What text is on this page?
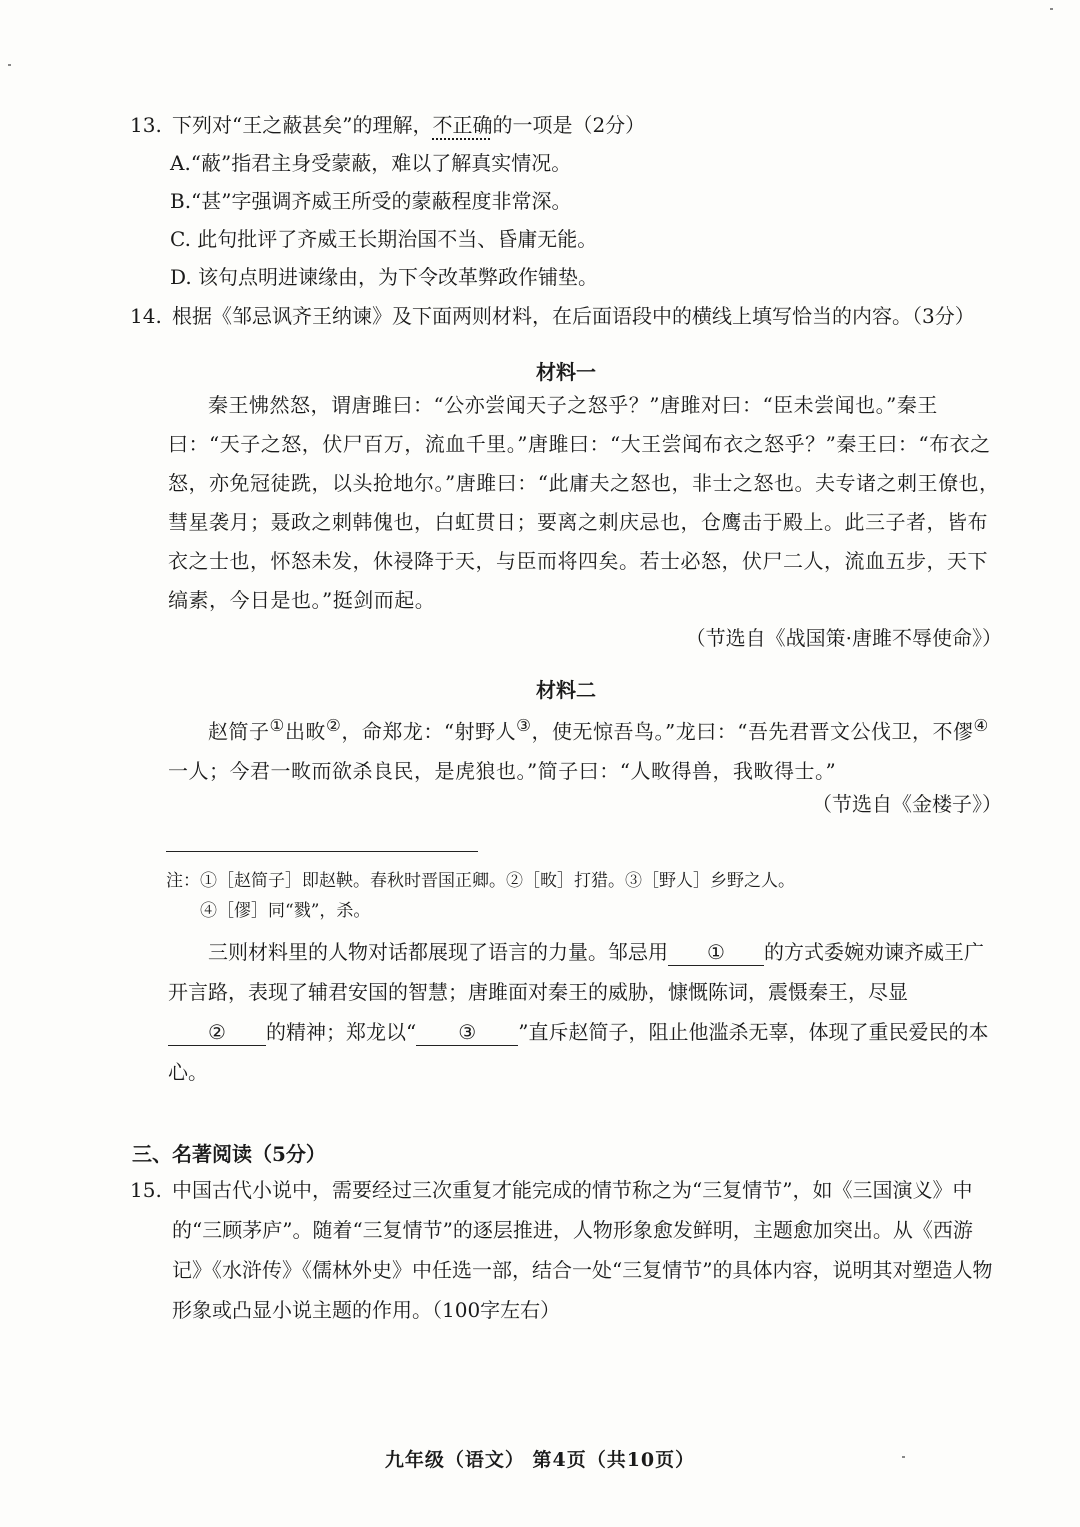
13. 下列对“王之蔽甚矣”的理解，不正确的一项是（2分）
A.“蔽”指君主身受蒙蔽，难以了解真实情况。
B.“甚”字强调齐威王所受的蒙蔽程度非常深。
C. 此句批评了齐威王长期治国不当、昏庸无能。
D. 该句点明进谏缘由，为下令改革弊政作铺垫。
14. 根据《邹忌讽齐王纳谏》及下面两则材料，在后面语段中的横线上填写恰当的内容。（3分）
材料一
秦王怫然怒，谓唐雎曰：“公亦尝闻天子之怒乎？”唐雎对曰：“臣未尝闻也。”秦王曰：“天子之怒，伏尸百万，流血千里。”唐雎曰：“大王尝闻布衣之怒乎？”秦王曰：“布衣之怒，亦免冠徒跣，以头抢地尔。”唐雎曰：“此庸夫之怒也，非士之怒也。夫专诸之刺王僚也，彗星袭月；聂政之刺韩傀也，白虹贯日；要离之刺庆忌也，仓鹰击于殿上。此三子者，皆布衣之士也，怀怒未发，休祲降于天，与臣而将四矣。若士必怒，伏尸二人，流血五步，天下缟素，今日是也。”挺剑而起。
（节选自《战国策·唐雎不辱使命》）
材料二
赵简子①出畋②，命郑龙：“射野人③，使无惊吾鸟。”龙曰：“吾先君晋文公伐卫，不僇④一人；今君一畋而欲杀良民，是虎狼也。”简子曰：“人畋得兽，我畋得士。”
（节选自《金楼子》）
注：①［赵简子］即赵鞅。春秋时晋国正卿。②［畋］打猎。③［野人］乡野之人。
④［僇］同“戮”，杀。
三则材料里的人物对话都展现了语言的力量。邹忌用 ① 的方式委婉劝谏齐威王广开言路，表现了辅君安国的智慧；唐雎面对秦王的威胁，慷慨陈词，震慑秦王，尽显② 的精神；郑龙以“ ③ ”直斥赵简子，阻止他滥杀无辜，体现了重民爱民的本心。
三、名著阅读（5分）
15. 中国古代小说中，需要经过三次重复才能完成的情节称之为“三复情节”，如《三国演义》中的“三顾茅庐”。随着“三复情节”的逐层推进，人物形象愈发鲜明，主题愈加突出。从《西游记》《水浒传》《儒林外史》中任选一部，结合一处“三复情节”的具体内容，说明其对塑造人物形象或凸显小说主题的作用。（100字左右）
九年级（语文） 第4页（共10页）
